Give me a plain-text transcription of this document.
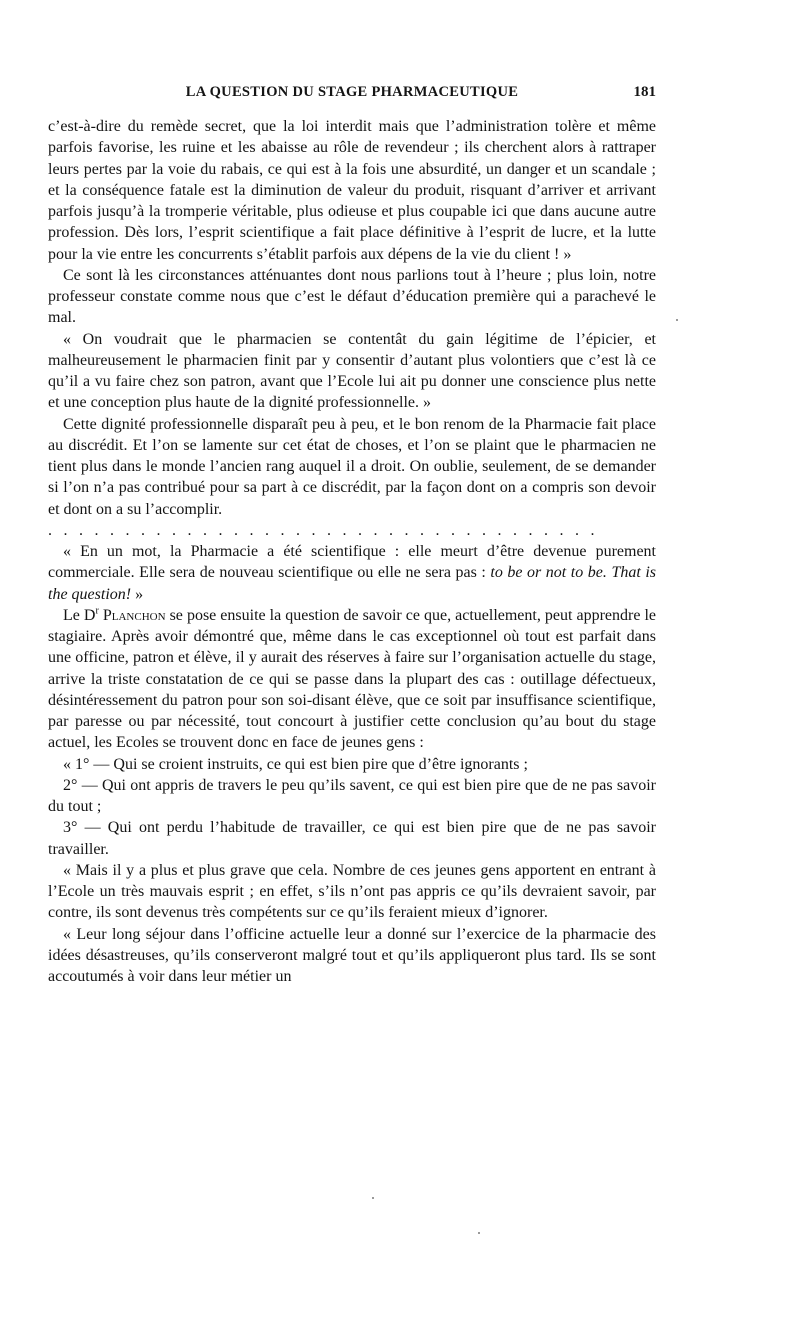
LA QUESTION DU STAGE PHARMACEUTIQUE	181

c’est-à-dire du remède secret, que la loi interdit mais que l’administration tolère et même parfois favorise, les ruine et les abaisse au rôle de revendeur ; ils cherchent alors à rattraper leurs pertes par la voie du rabais, ce qui est à la fois une absurdité, un danger et un scandale ; et la conséquence fatale est la diminution de valeur du produit, risquant d’arriver et arrivant parfois jusqu’à la tromperie véritable, plus odieuse et plus coupable ici que dans aucune autre profession. Dès lors, l’esprit scientifique a fait place définitive à l’esprit de lucre, et la lutte pour la vie entre les concurrents s’établit parfois aux dépens de la vie du client ! »

Ce sont là les circonstances atténuantes dont nous parlions tout à l’heure ; plus loin, notre professeur constate comme nous que c’est le défaut d’éducation première qui a parachevé le mal.

« On voudrait que le pharmacien se contentât du gain légitime de l’épicier, et malheureusement le pharmacien finit par y consentir d’autant plus volontiers que c’est là ce qu’il a vu faire chez son patron, avant que l’Ecole lui ait pu donner une conscience plus nette et une conception plus haute de la dignité professionnelle. »

Cette dignité professionnelle disparaît peu à peu, et le bon renom de la Pharmacie fait place au discrédit. Et l’on se lamente sur cet état de choses, et l’on se plaint que le pharmacien ne tient plus dans le monde l’ancien rang auquel il a droit. On oublie, seulement, de se demander si l’on n’a pas contribué pour sa part à ce discrédit, par la façon dont on a compris son devoir et dont on a su l’accomplir.

....................................

« En un mot, la Pharmacie a été scientifique : elle meurt d’être devenue purement commerciale. Elle sera de nouveau scientifique ou elle ne sera pas : to be or not to be. That is the question! »

Le $D^r$ Planchon se pose ensuite la question de savoir ce que, actuellement, peut apprendre le stagiaire. Après avoir démontré que, même dans le cas exceptionnel où tout est parfait dans une officine, patron et élève, il y aurait des réserves à faire sur l’organisation actuelle du stage, arrive la triste constatation de ce qui se passe dans la plupart des cas : outillage défectueux, désintéressement du patron pour son soi-disant élève, que ce soit par insuffisance scientifique, par paresse ou par nécessité, tout concourt à justifier cette conclusion qu’au bout du stage actuel, les Ecoles se trouvent donc en face de jeunes gens :

« 1° — Qui se croient instruits, ce qui est bien pire que d’être ignorants ;

2° — Qui ont appris de travers le peu qu’ils savent, ce qui est bien pire que de ne pas savoir du tout ;

3° — Qui ont perdu l’habitude de travailler, ce qui est bien pire que de ne pas savoir travailler.

« Mais il y a plus et plus grave que cela. Nombre de ces jeunes gens apportent en entrant à l’Ecole un très mauvais esprit ; en effet, s’ils n’ont pas appris ce qu’ils devraient savoir, par contre, ils sont devenus très compétents sur ce qu’ils feraient mieux d’ignorer.

« Leur long séjour dans l’officine actuelle leur a donné sur l’exercice de la pharmacie des idées désastreuses, qu’ils conserveront malgré tout et qu’ils appliqueront plus tard. Ils se sont accoutumés à voir dans leur métier un
